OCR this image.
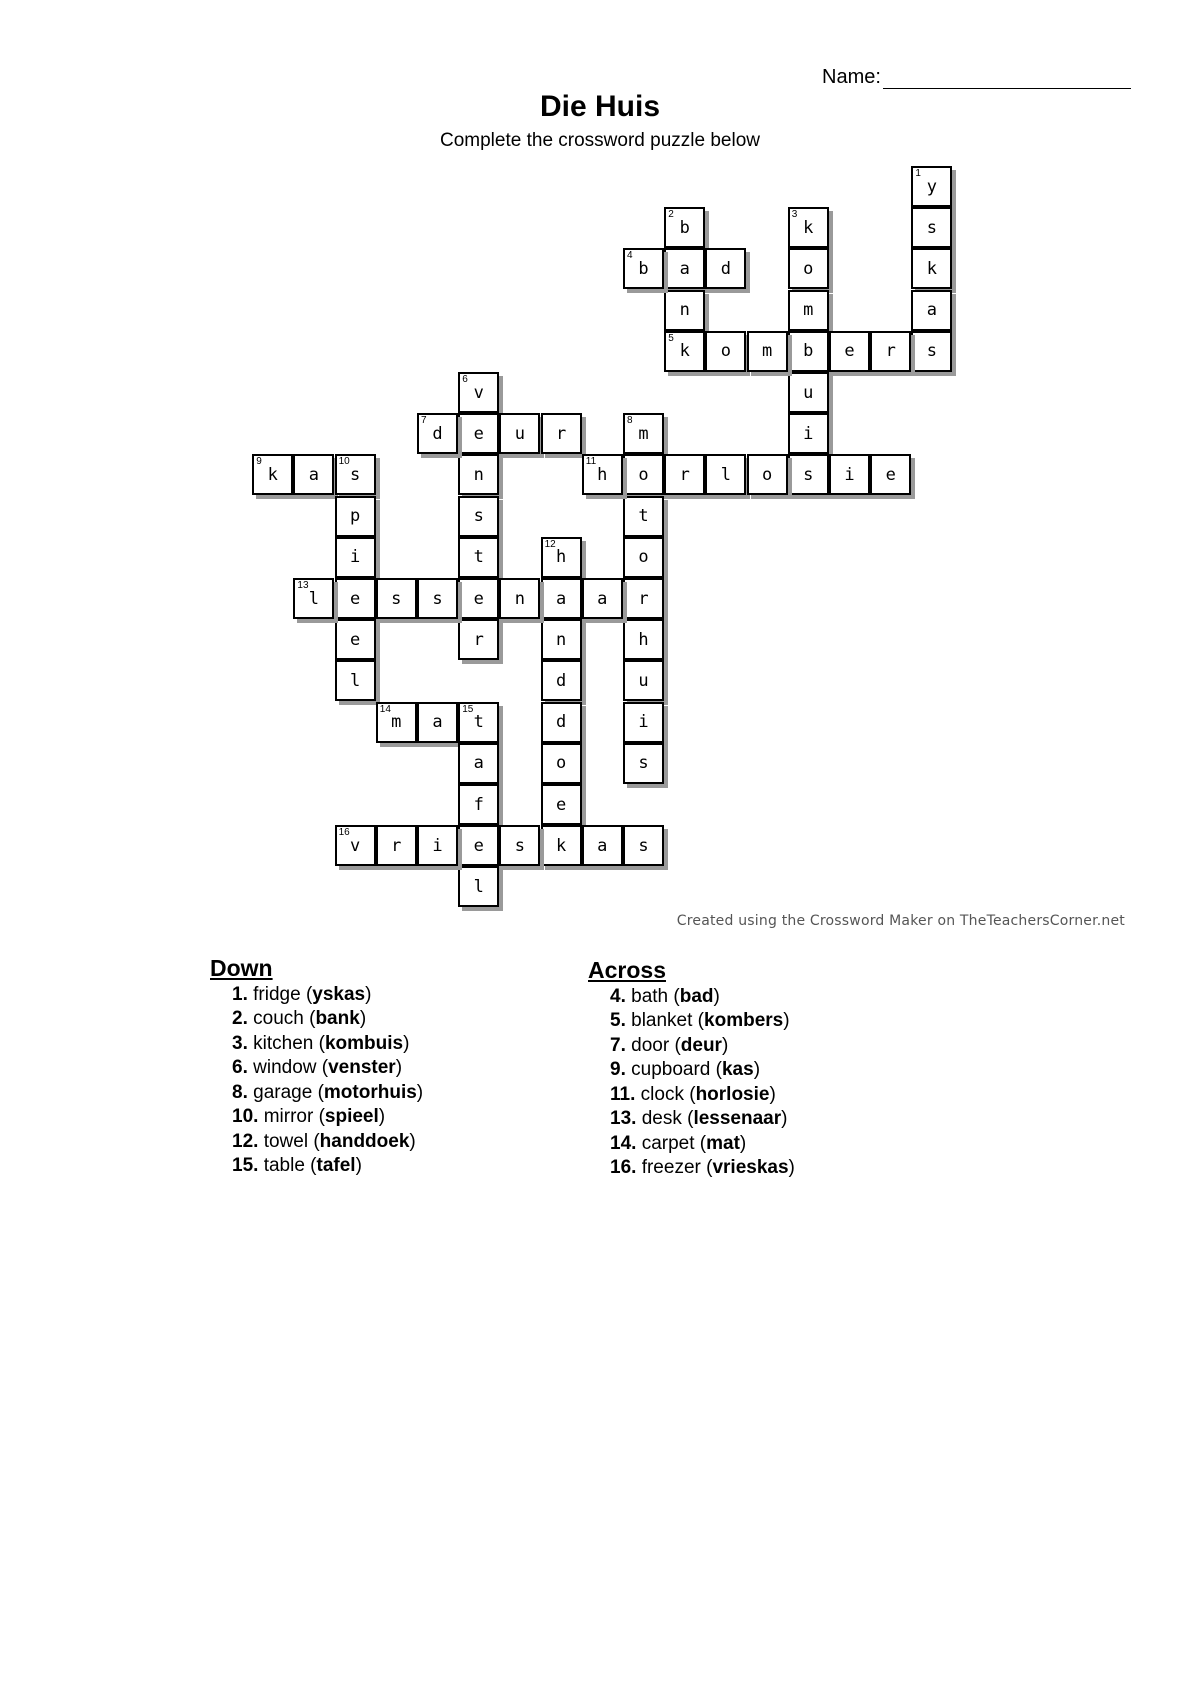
Name:
Die Huis
Complete the crossword puzzle below
1
y
s
k
a
s
2
b
a
n
5
k
3
k
o
m
b
u
i
s
4
b	d
o m	e r
6
v
e
n
s
t
e
r
7
d	u r
8
m
o
t
o
r
h
u
i
s
9
k a
10
s
p
i
e
e
l
11
h	r l o	i e
12
h
a
n
d
d
o
e
k
13
l	s s	n	a
14
m a
15
t
a
f
e
l
16
v r i	s	a s
Created using the Crossword Maker on TheTeachersCorner.net
Down
1. fridge (yskas)
2. couch (bank)
3. kitchen (kombuis)
6. window (venster)
8. garage (motorhuis)
10. mirror (spieel)
12. towel (handdoek)
15. table (tafel)
Across
4. bath (bad)
5. blanket (kombers)
7. door (deur)
9. cupboard (kas)
11. clock (horlosie)
13. desk (lessenaar)
14. carpet (mat)
16. freezer (vrieskas)
